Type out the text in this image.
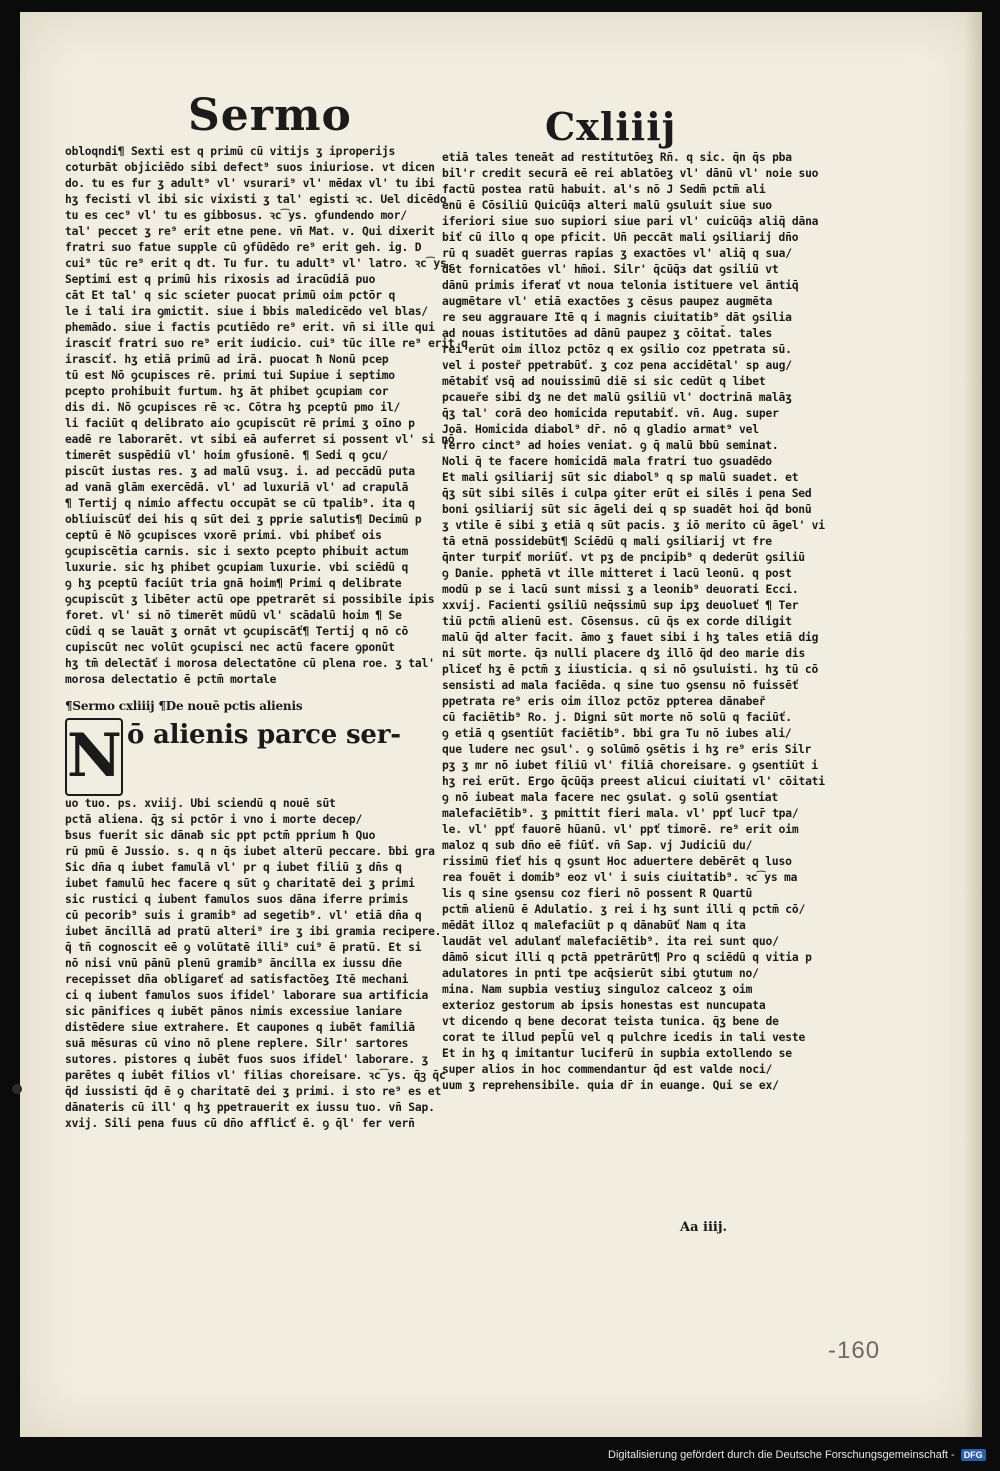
Sermo	Cxliiij
obloqndi¶ Sexti est q primū cū vitijs ʒ iproperijs
coturbāt objiciēdo sibi defect⁹ suos iniuriose. vt dicen
do. tu es fur ʒ adult⁹ vl' vsurari⁹ vl' mēdax vl' tu ibi
hʒ fecisti vl ibi sic vixisti ʒ tal' egisti ꝛc. Uel dicēdo
tu es cec⁹ vl' tu es gibbosus. ꝛc͡ys. ꝯfundendo mor/
tal' peccet ʒ re⁹ erit etne pene. vn̄ Mat. v. Qui dixerit
fratri suo fatue supple cū ꝯfūdēdo re⁹ erit geh. ig. D
cui⁹ tūc re⁹ erit q dt. Tu fur. tu adult⁹ vl' latro. ꝛc͡ys.
Septimi est q primū his rixosis ad iracūdiā puo
cāt Et tal' q sic scieter puocat primū oim pctōr q
le i tali ira ꝯmictit. siue i ƀbis maledicēdo vel blas/
phemādo. siue i factis pcutiēdo re⁹ erit. vn̄ si ille qui
irasciť fratri suo re⁹ erit iudicio. cui⁹ tūc ille re⁹ erit q
irasciť. hʒ etiā primū ad irā. puocat ħ Nonū pcep
tū est Nō ꝯcupisces rē. primi tui Supiue i septimo
pcepto prohibuit furtum. hʒ āt phibet ꝯcupiam cor
dis di. Nō ꝯcupisces rē ꝛc. Cōtra hʒ pceptū pmo il/
li faciūt q delibrato aio ꝯcupiscūt rē primi ʒ oīno p
eadē re laborarēt. vt sibi eā auferret si possent vl' si nō
timerēt suspēdiū vl' hoim ꝯfusionē. ¶ Sedi q ꝯcu/
piscūt iustas res. ʒ ad malū vsuʒ. i. ad peccādū puta
ad vanā glām exercēdā. vl' ad luxuriā vl' ad crapulā
¶ Tertij q nimio affectu occupāt se cū tpalib⁹. ita q
obliuiscūť dei his q sūt dei ʒ pprie salutis¶ Decimū p
ceptū ē Nō ꝯcupisces vxorē primi. vbi phibeť ois
ꝯcupiscētia carnis. sic i sexto pcepto phibuit actum
luxurie. sic hʒ phibet ꝯcupiam luxurie. vbi sciēdū q
ꝯ hʒ pceptū faciūt tria gnā hoim¶ Primi q delibrate
ꝯcupiscūt ʒ libēter actū ope ppetrarēt si possibile ipis
foret. vl' si nō timerēt mūdū vl' scādalū hoim ¶ Se
cūdi q se lauāt ʒ ornāt vt ꝯcupiscāť¶ Tertij q nō cō
cupiscūt nec volūt ꝯcupisci nec actū facere ꝯponūt
hʒ tm̄ delectāť i morosa delectatōne cū plena roe. ʒ tal'
morosa delectatio ē pctm̄ mortale
¶Sermo cxliiij ¶De nouē pctis alienis
N ō alienis parce ser-
uo tuo. ps. xviij. Ubi sciendū q nouē sūt
pctā aliena. q̄ʒ si pctōr i vno i morte decep/
ƀsus fuerit sic dānaƀ sic ppt pctm̄ pprium ħ Quo
rū pmū ē Jussio. s. q n q̄s iubet alterū peccare. ƀbi gra
Sic dn̄a q iubet famulā vl' pr q iubet filiū ʒ dn̄s q
iubet famulū hec facere q sūt ꝯ charitatē dei ʒ primi
sic rustici q iubent famulos suos dāna iferre primis
cū pecorib⁹ suis i gramib⁹ ad segetib⁹. vl' etiā dn̄a q
iubet āncillā ad pratū alteri⁹ ire ʒ ibi gramia recipere.
q̄ tn̄ cognoscit eē ꝯ volūtatē illi⁹ cui⁹ ē pratū. Et si
nō nisi vnū pānū plenū gramib⁹ āncilla ex iussu dn̄e
recepisset dn̄a obligareť ad satisfactōeʒ Itē mechani
ci q iubent famulos suos ifidel' laborare sua artificia
sic pānifices q iubēt pānos nimis excessiue laniare
distēdere siue extrahere. Et caupones q iubēt familiā
suā mēsuras cū vino nō plene replere. Silr' sartores
sutores. pistores q iubēt fuos suos ifidel' laborare. ʒ
parētes q iubēt filios vl' filias choreisare. ꝛc͡ys. q̄ꝫ q̄c
q̄d iussisti q̄d ē ꝯ charitatē dei ʒ primi. i sto re⁹ es et
dānateris cū ill' q hʒ ppetrauerit ex iussu tuo. vn̄ Sap.
xvij. Sili pena fuus cū dn̄o afflicť ē. ꝯ q̄l' fer vern̄
etiā tales teneāt ad restitutōeʒ Rn̄. q sic. q̄n q̄s pba
bil'r credit securā eē rei ablatōeʒ vl' dānū vl' noie suo
factū postea ratū habuit. al's nō J Sedm̄ pctm̄ ali
enū ē Cōsiliū Quicūq̄ɜ alteri malū ꝯsuluit siue suo
iferiori siue suo supiori siue pari vl' cuicūq̄ɜ aliq̄ dāna
biť cū illo q ope pficit. Un̄ peccāt mali ꝯsiliarij dn̄o
rū q suadēt guerras rapias ʒ exactōes vl' aliq̄ q sua/
dēt fornicatōes vl' hm̄oi. Silr' q̄cūq̄ɜ dat ꝯsiliū vt
dānū primis iferať vt noua telonia istituere vel āntiq̄
augmētare vl' etiā exactōes ʒ cēsus paupez augmēta
re seu aggrauare Itē q i magnis ciuitatib⁹ dāt ꝯsilia
ad nouas istitutōes ad dānū paupez ʒ cōitat̄. tales
rei erūt oim illoz pctōz q ex ꝯsilio coz ppetrata sū.
vel i posteř ppetrabūť. ʒ coz pena accidētal' sp aug/
mētabiť vsq̄ ad nouissimū diē si sic cedūt q libet
pcaueře sibi dʒ ne det malū ꝯsiliū vl' doctrinā malāʒ
q̄ʒ tal' corā deo homicida reputabiť. vn̄. Aug. super
Joā. Homicida diabol⁹ dr̄. nō q gladio armat⁹ vel
ferro cinct⁹ ad hoies veniat. ꝯ q̄ malū ƀbū seminat.
Noli q̄ te facere homicidā mala fratri tuo ꝯsuadēdo
Et mali ꝯsiliarij sūt sic diabol⁹ q sp malū suadet. et
q̄ʒ sūt sibi silēs i culpa ꝯiter erūt ei silēs i pena Sed
boni ꝯsiliarij sūt sic āgeli dei q sp suadēt hoi q̄d bonū
ʒ vtile ē sibi ʒ etiā q sūt pacis. ʒ iō merito cū āgel' vi
tā etnā possidebūt¶ Sciēdū q mali ꝯsiliarij vt fre
q̄nter turpiť moriūť. vt pʒ de pncipib⁹ q dederūt ꝯsiliū
ꝯ Danie. pphetā vt ille mitteret i lacū leonū. q post
modū p se i lacū sunt missi ʒ a leonib⁹ deuorati Ecci.
xxvij. Facienti ꝯsiliū neq̄ssimū sup ipʒ deuolueť ¶ Ter
tiū pctm̄ alienū est. Cōsensus. cū q̄s ex corde diligit
malū q̄d alter facit. āmo ʒ fauet sibi i hʒ tales etiā dig
ni sūt morte. q̄ɜ nulli placere dʒ illō q̄d deo marie dis
pliceť hʒ ē pctm̄ ʒ iiusticia. q si nō ꝯsuluisti. hʒ tū cō
sensisti ad mala faciēda. q sine tuo ꝯsensu nō fuissēť
ppetrata re⁹ eris oim illoz pctōz ppterea dānabeř
cū faciētib⁹ Ro. j. Digni sūt morte nō solū q faciūť.
ꝯ etiā q ꝯsentiūt faciētib⁹. ƀbi gra Tu nō iubes ali/
que ludere nec ꝯsul'. ꝯ solūmō ꝯsētis i hʒ re⁹ eris Silr
pʒ ʒ mr nō iubet filiū vl' filiā choreisare. ꝯ ꝯsentiūt i
hʒ rei erūt. Ergo q̄cūq̄ɜ preest alicui ciuitati vl' cōitati
ꝯ nō iubeat mala facere nec ꝯsulat. ꝯ solū ꝯsentiat
malefaciētib⁹. ʒ pmittit fieri mala. vl' ppť lucr̄ tpa/
le. vl' ppť fauorē hūanū. vl' ppť timorē. re⁹ erit oim
maloz q sub dn̄o eē fiūť. vn̄ Sap. vj Judiciū du/
rissimū fieť his q ꝯsunt Hoc aduertere debērēt q luso
rea fouēt i domib⁹ eoz vl' i suis ciuitatib⁹. ꝛc͡ys ma
lis q sine ꝯsensu coz fieri nō possent R Quartū
pctm̄ alienū ē Adulatio. ʒ rei i hʒ sunt illi q pctm̄ cō/
mēdāt illoz q malefaciūt p q dānabūť Nam q ita
laudāt vel adulanť malefaciētib⁹. ita rei sunt quo/
dāmō sicut illi q pctā ppetrārūt¶ Pro q sciēdū q vitia p
adulatores in pnti tpe acq̄sierūt sibi ꝯtutum no/
mina. Nam supbia vestiuʒ singuloz calceoz ʒ oim
exterioz gestorum ab ipsis honestas est nuncupata
vt dicendo q bene decorat teista tunica. q̄ʒ bene de
corat te illud pepl̄ū vel q pulchre icedis in tali veste
Et in hʒ q imitantur luciferū in supbia extollendo se
super alios in hoc commendantur q̄d est valde noci/
uum ʒ reprehensibile. quia dr̄ in euange. Qui se ex/
Aa iiij.
-160
Digitalisierung gefördert durch die Deutsche Forschungsgemeinschaft -	DFG
